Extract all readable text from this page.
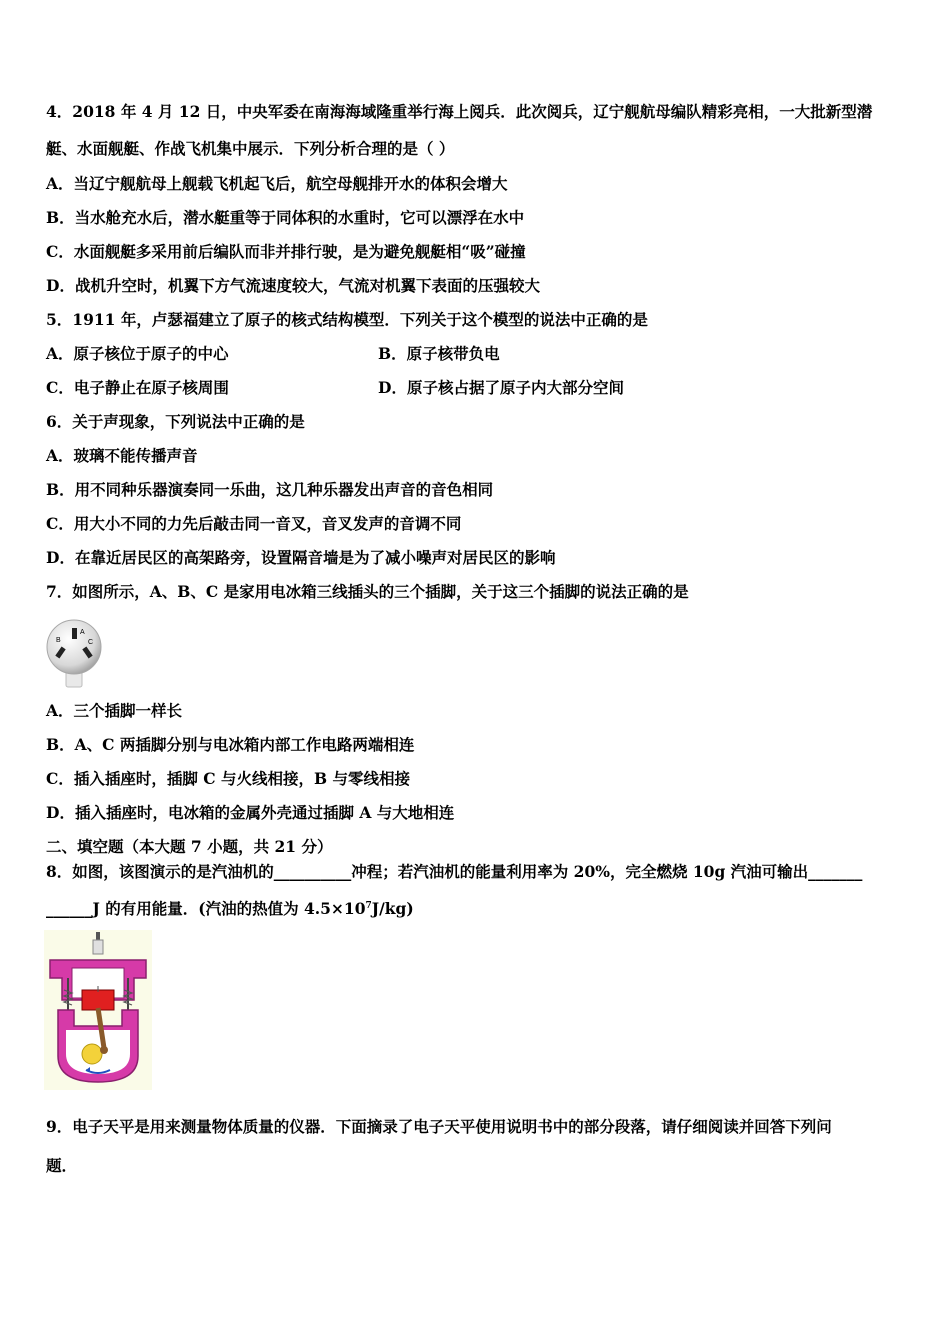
4．2018 年 4 月 12 日，中央军委在南海海域隆重举行海上阅兵．此次阅兵，辽宁舰航母编队精彩亮相，一大批新型潜
艇、水面舰艇、作战飞机集中展示．下列分析合理的是（ ）
A．当辽宁舰航母上舰载飞机起飞后，航空母舰排开水的体积会增大
B．当水舱充水后，潜水艇重等于同体积的水重时，它可以漂浮在水中
C．水面舰艇多采用前后编队而非并排行驶，是为避免舰艇相“吸”碰撞
D．战机升空时，机翼下方气流速度较大，气流对机翼下表面的压强较大
5．1911 年，卢瑟福建立了原子的核式结构模型．下列关于这个模型的说法中正确的是
A．原子核位于原子的中心	B．原子核带负电
C．电子静止在原子核周围	D．原子核占据了原子内大部分空间
6．关于声现象，下列说法中正确的是
A．玻璃不能传播声音
B．用不同种乐器演奏同一乐曲，这几种乐器发出声音的音色相同
C．用大小不同的力先后敲击同一音叉，音叉发声的音调不同
D．在靠近居民区的高架路旁，设置隔音墙是为了减小噪声对居民区的影响
7．如图所示，A、B、C 是家用电冰箱三线插头的三个插脚，关于这三个插脚的说法正确的是
A
B	C
A．三个插脚一样长
B．A、C 两插脚分别与电冰箱内部工作电路两端相连
C．插入插座时，插脚 C 与火线相接，B 与零线相接
D．插入插座时，电冰箱的金属外壳通过插脚 A 与大地相连
二、填空题（本大题 7 小题，共 21 分）
8．如图，该图演示的是汽油机的__________冲程；若汽油机的能量利用率为 20%，完全燃烧 10g 汽油可输出_______
______J 的有用能量．(汽油的热值为 $4.5\times 10^7J/kg$)
9．电子天平是用来测量物体质量的仪器．下面摘录了电子天平使用说明书中的部分段落，请仔细阅读并回答下列问
题．
